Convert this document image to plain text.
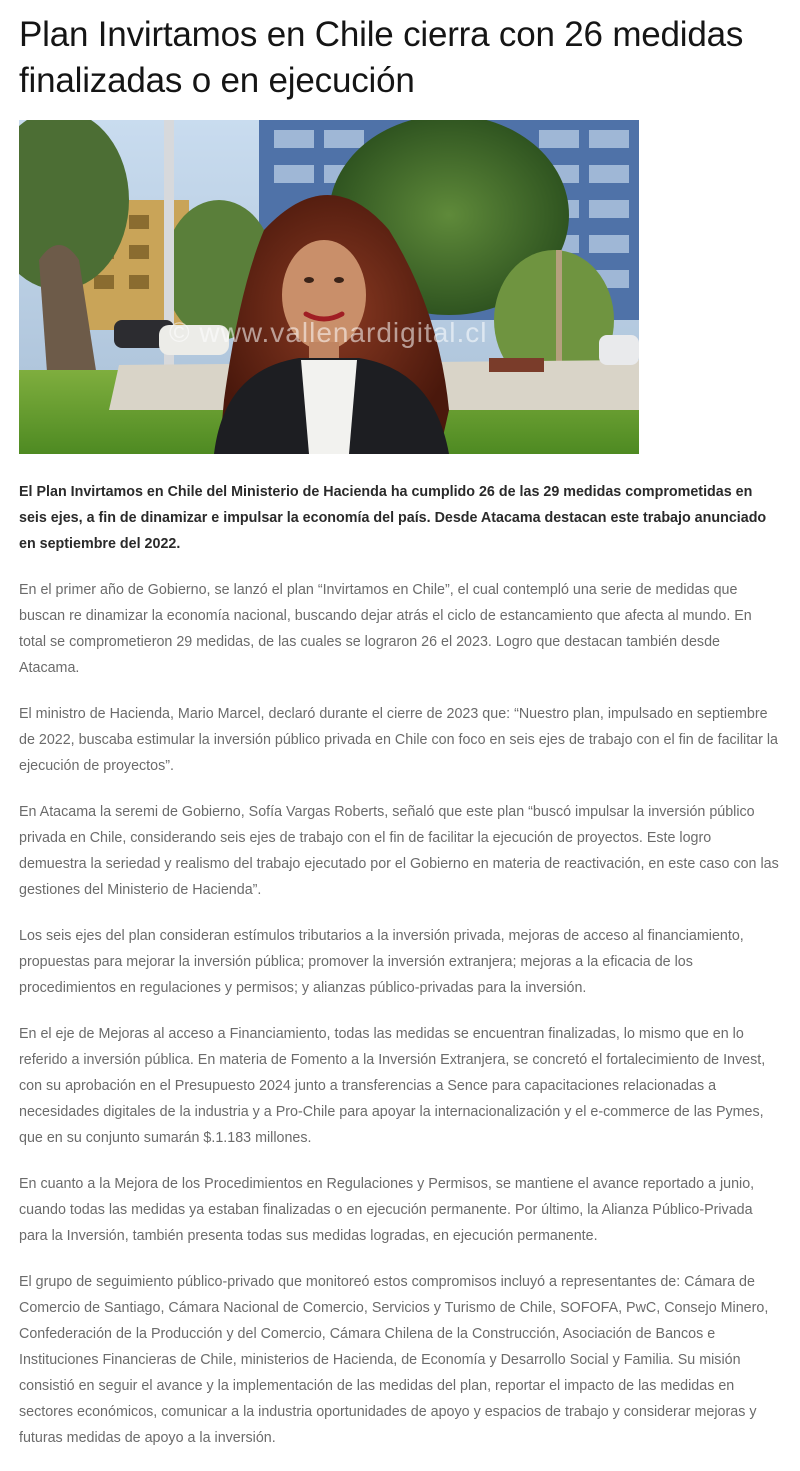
Plan Invirtamos en Chile cierra con 26 medidas finalizadas o en ejecución
© www.vallenardigital.cl

El Plan Invirtamos en Chile del Ministerio de Hacienda ha cumplido 26 de las 29 medidas comprometidas en seis ejes, a fin de dinamizar e impulsar la economía del país. Desde Atacama destacan este trabajo anunciado en septiembre del 2022.

En el primer año de Gobierno, se lanzó el plan “Invirtamos en Chile”, el cual contempló una serie de medidas que buscan re dinamizar la economía nacional, buscando dejar atrás el ciclo de estancamiento que afecta al mundo. En total se comprometieron 29 medidas, de las cuales se lograron 26 el 2023. Logro que destacan también desde Atacama.

El ministro de Hacienda, Mario Marcel, declaró durante el cierre de 2023 que: “Nuestro plan, impulsado en septiembre de 2022, buscaba estimular la inversión público privada en Chile con foco en seis ejes de trabajo con el fin de facilitar la ejecución de proyectos”.

En Atacama la seremi de Gobierno, Sofía Vargas Roberts, señaló que este plan “buscó impulsar la inversión público privada en Chile, considerando seis ejes de trabajo con el fin de facilitar la ejecución de proyectos. Este logro demuestra la seriedad y realismo del trabajo ejecutado por el Gobierno en materia de reactivación, en este caso con las gestiones del Ministerio de Hacienda”.

Los seis ejes del plan consideran estímulos tributarios a la inversión privada, mejoras de acceso al financiamiento, propuestas para mejorar la inversión pública; promover la inversión extranjera; mejoras a la eficacia de los procedimientos en regulaciones y permisos; y alianzas público-privadas para la inversión.

En el eje de Mejoras al acceso a Financiamiento, todas las medidas se encuentran finalizadas, lo mismo que en lo referido a inversión pública. En materia de Fomento a la Inversión Extranjera, se concretó el fortalecimiento de Invest, con su aprobación en el Presupuesto 2024 junto a transferencias a Sence para capacitaciones relacionadas a necesidades digitales de la industria y a Pro-Chile para apoyar la internacionalización y el e-commerce de las Pymes, que en su conjunto sumarán $.1.183 millones.

En cuanto a la Mejora de los Procedimientos en Regulaciones y Permisos, se mantiene el avance reportado a junio, cuando todas las medidas ya estaban finalizadas o en ejecución permanente. Por último, la Alianza Público-Privada para la Inversión, también presenta todas sus medidas logradas, en ejecución permanente.

El grupo de seguimiento público-privado que monitoreó estos compromisos incluyó a representantes de: Cámara de Comercio de Santiago, Cámara Nacional de Comercio, Servicios y Turismo de Chile, SOFOFA, PwC, Consejo Minero, Confederación de la Producción y del Comercio, Cámara Chilena de la Construcción, Asociación de Bancos e Instituciones Financieras de Chile, ministerios de Hacienda, de Economía y Desarrollo Social y Familia. Su misión consistió en seguir el avance y la implementación de las medidas del plan, reportar el impacto de las medidas en sectores económicos, comunicar a la industria oportunidades de apoyo y espacios de trabajo y considerar mejoras y futuras medidas de apoyo a la inversión.
